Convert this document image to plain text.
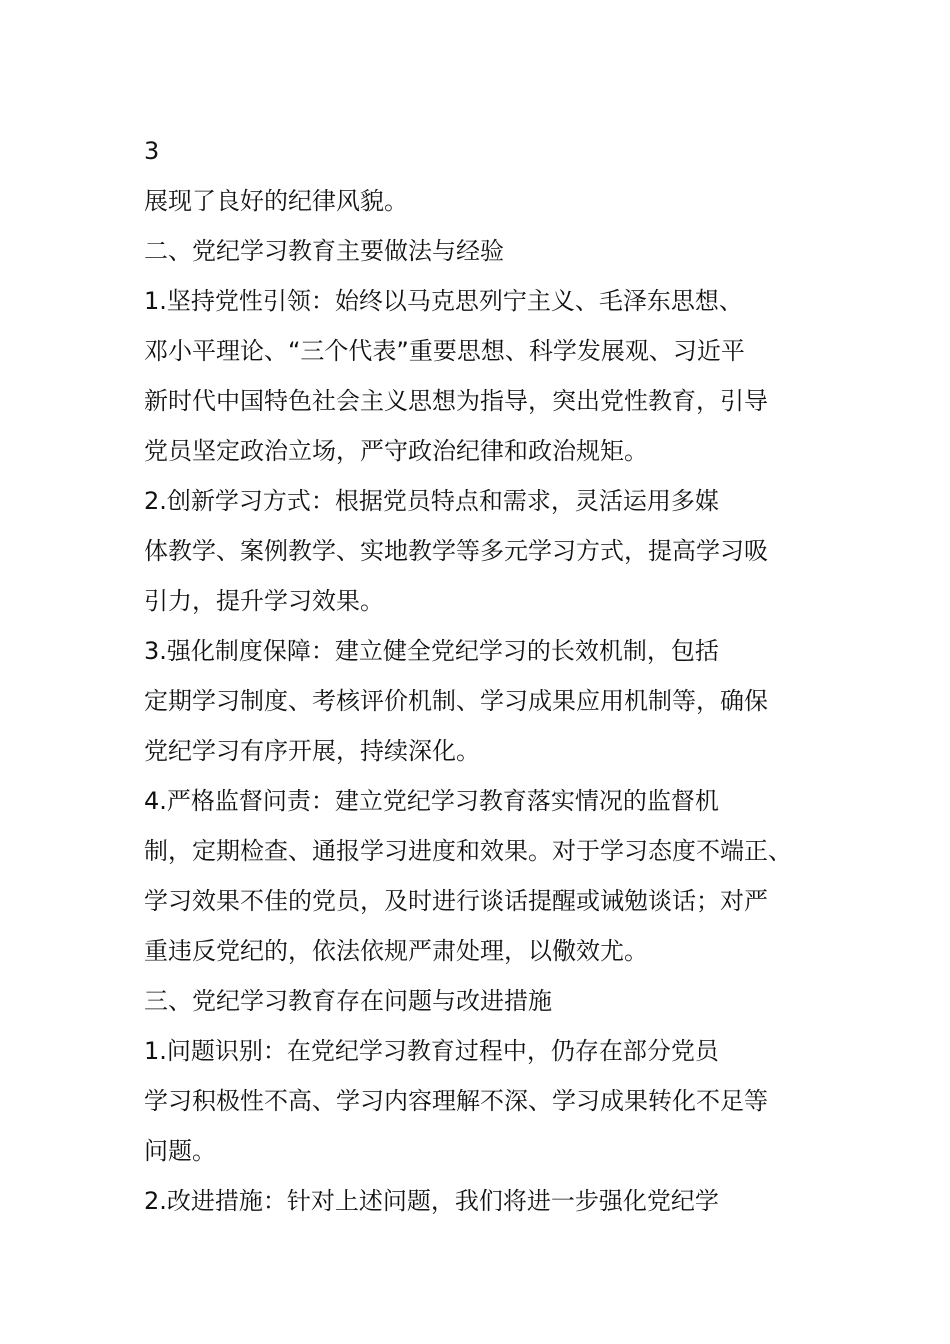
3
展现了良好的纪律风貌。
二、党纪学习教育主要做法与经验
1.坚持党性引领：始终以马克思列宁主义、毛泽东思想、
邓小平理论、“三个代表”重要思想、科学发展观、习近平
新时代中国特色社会主义思想为指导，突出党性教育，引导
党员坚定政治立场，严守政治纪律和政治规矩。
2.创新学习方式：根据党员特点和需求，灵活运用多媒
体教学、案例教学、实地教学等多元学习方式，提高学习吸
引力，提升学习效果。
3.强化制度保障：建立健全党纪学习的长效机制，包括
定期学习制度、考核评价机制、学习成果应用机制等，确保
党纪学习有序开展，持续深化。
4.严格监督问责：建立党纪学习教育落实情况的监督机
制，定期检查、通报学习进度和效果。对于学习态度不端正、
学习效果不佳的党员，及时进行谈话提醒或诫勉谈话；对严
重违反党纪的，依法依规严肃处理，以儆效尤。
三、党纪学习教育存在问题与改进措施
1.问题识别：在党纪学习教育过程中，仍存在部分党员
学习积极性不高、学习内容理解不深、学习成果转化不足等
问题。
2.改进措施：针对上述问题，我们将进一步强化党纪学
